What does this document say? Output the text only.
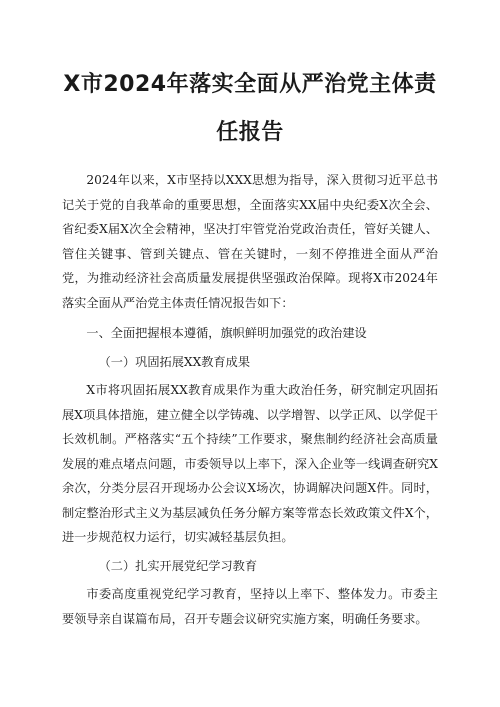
X市2024年落实全面从严治党主体责
任报告

2024年以来，X市坚持以XXX思想为指导，深入贯彻习近平总书记关于党的自我革命的重要思想，全面落实XX届中央纪委X次全会、省纪委X届X次全会精神，坚决打牢管党治党政治责任，管好关键人、管住关键事、管到关键点、管在关键时，一刻不停推进全面从严治党，为推动经济社会高质量发展提供坚强政治保障。现将X市2024年落实全面从严治党主体责任情况报告如下：

一、全面把握根本遵循，旗帜鲜明加强党的政治建设

（一）巩固拓展XX教育成果

X市将巩固拓展XX教育成果作为重大政治任务，研究制定巩固拓展X项具体措施，建立健全以学铸魂、以学增智、以学正风、以学促干长效机制。严格落实“五个持续”工作要求，聚焦制约经济社会高质量发展的难点堵点问题，市委领导以上率下，深入企业等一线调查研究X余次，分类分层召开现场办公会议X场次，协调解决问题X件。同时，制定整治形式主义为基层减负任务分解方案等常态长效政策文件X个，进一步规范权力运行，切实减轻基层负担。

（二）扎实开展党纪学习教育

市委高度重视党纪学习教育，坚持以上率下、整体发力。市委主要领导亲自谋篇布局，召开专题会议研究实施方案，明确任务要求。
